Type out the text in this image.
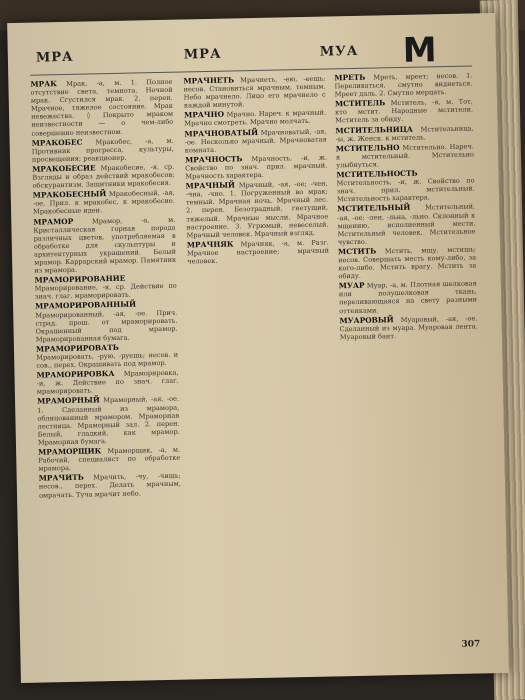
МРА	МРА	МУА М

МРАК Мрак, -а, м. 1. Полное отсутствие света, темнота. Ночной мрак. Сгустился мрак. 2. перен. Мрачное, тяжелое состояние. Мрак невежества. ◊ Покрыто мраком неизвестности — о чем-либо совершенно неизвестном.

МРАКОБЕС Мракобес, -а, м. Противник прогресса, культуры, просвещения; реакционер.

МРАКОБЕСИЕ Мракобесие, -я, ср. Взгляды и образ действий мракобесов; обскурантизм. Защитники мракобесия.

МРАКОБЕСНЫЙ Мракобесный, -ая, -ое. Прил. к мракобес, к мракобесие. Мракобесные идеи.

МРАМОР	Мрамор, -а, м. Кристаллическая горная порода различных цветов, употребляемая в обработке для скульптуры и архитектурных украшений. Белый мрамор. Каррарский мрамор. Памятник из мрамора.

МРАМОРИРОВАНИЕ Мраморирование, -я, ср. Действие по знач. глаг. мраморировать.

МРАМОРИРОВАННЫЙ Мраморированный, -ая, -ое. Прич. страд. прош. от мраморировать. Окрашенный под мрамор. Мраморированная бумага.

МРАМОРИРОВАТЬ Мраморировать, -рую, -руешь; несов. и сов., перех. Окрашивать под мрамор.

МРАМОРИРОВКА Мраморировка, -и, ж. Действие по знач. глаг. мраморировать.

МРАМОРНЫЙ Мраморный, -ая, -ое. 1. Сделанный из мрамора, облицованный мрамором. Мраморная лестница. Мраморный зал. 2. перен. Белый, гладкий, как мрамор. Мраморная бумага.

МРАМОРЩИК Мраморщик, -а, м. Рабочий, специалист по обработке мрамора.

МРАЧИТЬ Мрачить, -чу, -чишь; несов., перех. Делать мрачным, омрачать. Туча мрачит небо.

МРАЧНЕТЬ Мрачнеть, -ею, -еешь; несов. Становиться мрачным, темным. Небо мрачнело. Лицо его мрачнело с каждой минутой.

МРАЧНО Мрачно. Нареч. к мрачный. Мрачно смотреть. Мрачно молчать.

МРАЧНОВАТЫЙ Мрачноватый, -ая, -ое. Несколько мрачный. Мрачноватая комната.

МРАЧНОСТЬ Мрачность, -и, ж. Свойство по знач. прил. мрачный. Мрачность характера.

МРАЧНЫЙ Мрачный, -ая, -ое; -чен, -чна, -чно. 1. Погруженный во мрак; темный. Мрачная ночь. Мрачный лес. 2. перен. Безотрадный, гнетущий, тяжелый. Мрачные мысли. Мрачное настроение. 3. Угрюмый, невеселый. Мрачный человек. Мрачный взгляд.

МРАЧНЯК Мрачняк, -а, м. Разг. Мрачное настроение; мрачный человек.

МРЕТЬ Мреть, мреет; несов. 1. Переливаться, смутно виднеться. Мреет даль. 2. Смутно мерцать.

МСТИТЕЛЬ Мститель, -я, м. Тот, кто мстит. Народные мстители. Мститель за обиду.

МСТИТЕЛЬНИЦА Мстительница, -ы, ж. Женск. к мститель.

МСТИТЕЛЬНО Мстительно. Нареч. к мстительный. Мстительно улыбнуться.

МСТИТЕЛЬНОСТЬ Мстительность, -и, ж. Свойство по знач. прил. мстительный. Мстительность характера.

МСТИТЕЛЬНЫЙ Мстительный, -ая, -ое; -лен, -льна, -льно. Склонный к мщению, исполненный мести. Мстительный человек. Мстительное чувство.

МСТИТЬ Мстить, мщу, мстишь; несов. Совершать месть кому-либо, за кого-либо. Мстить врагу. Мстить за обиду.

МУАР Муар, -а, м. Плотная шелковая или полушелковая ткань, переливающаяся на свету разными оттенками.

МУАРОВЫЙ Муаровый, -ая, -ое. Сделанный из муара. Муаровая лента. Муаровый бант.

307
